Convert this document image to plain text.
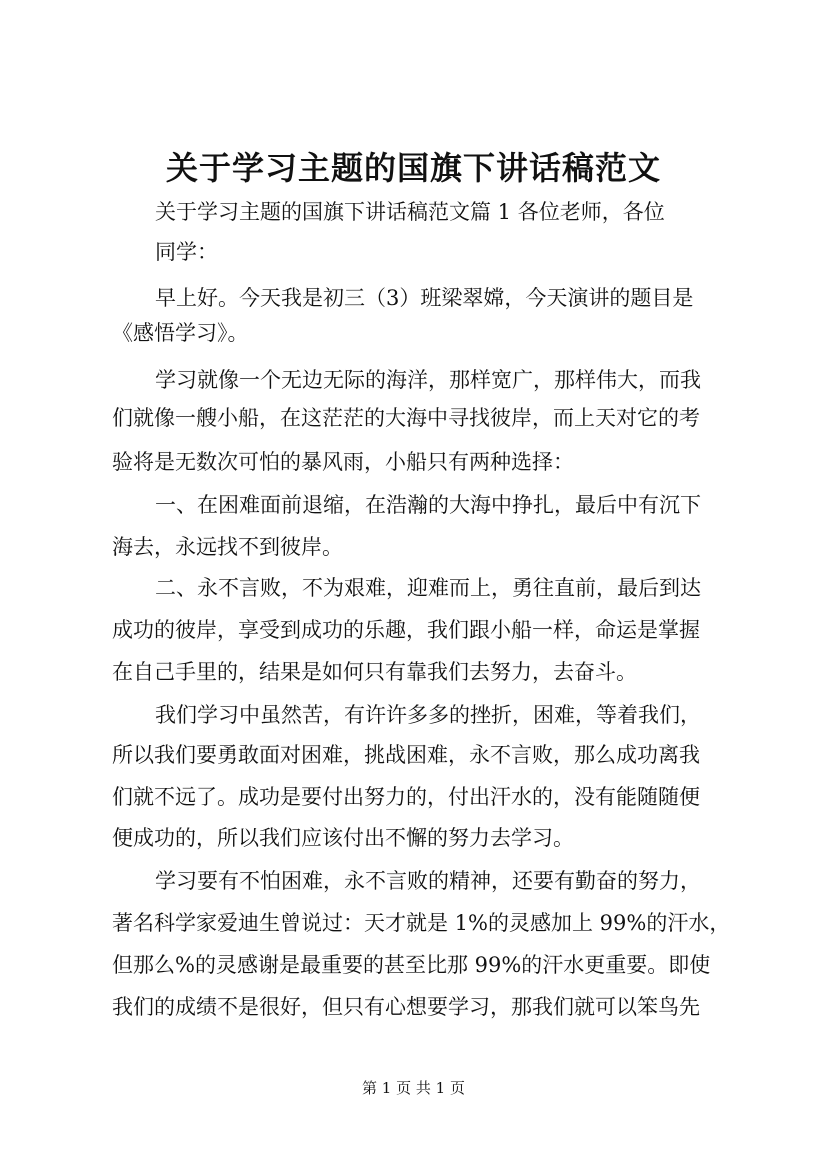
关于学习主题的国旗下讲话稿范文
关于学习主题的国旗下讲话稿范文篇 1 各位老师，各位
同学：
早上好。今天我是初三（3）班梁翠嫦，今天演讲的题目是
《感悟学习》。
学习就像一个无边无际的海洋，那样宽广，那样伟大，而我
们就像一艘小船，在这茫茫的大海中寻找彼岸，而上天对它的考
验将是无数次可怕的暴风雨，小船只有两种选择：
一、在困难面前退缩，在浩瀚的大海中挣扎，最后中有沉下
海去，永远找不到彼岸。
二、永不言败，不为艰难，迎难而上，勇往直前，最后到达
成功的彼岸，享受到成功的乐趣，我们跟小船一样，命运是掌握
在自己手里的，结果是如何只有靠我们去努力，去奋斗。
我们学习中虽然苦，有许许多多的挫折，困难，等着我们，
所以我们要勇敢面对困难，挑战困难，永不言败，那么成功离我
们就不远了。成功是要付出努力的，付出汗水的，没有能随随便
便成功的，所以我们应该付出不懈的努力去学习。
学习要有不怕困难，永不言败的精神，还要有勤奋的努力，
著名科学家爱迪生曾说过：天才就是 1%的灵感加上 99%的汗水，
但那么%的灵感谢是最重要的甚至比那 99%的汗水更重要。即使
我们的成绩不是很好，但只有心想要学习，那我们就可以笨鸟先
第 1 页 共 1 页
